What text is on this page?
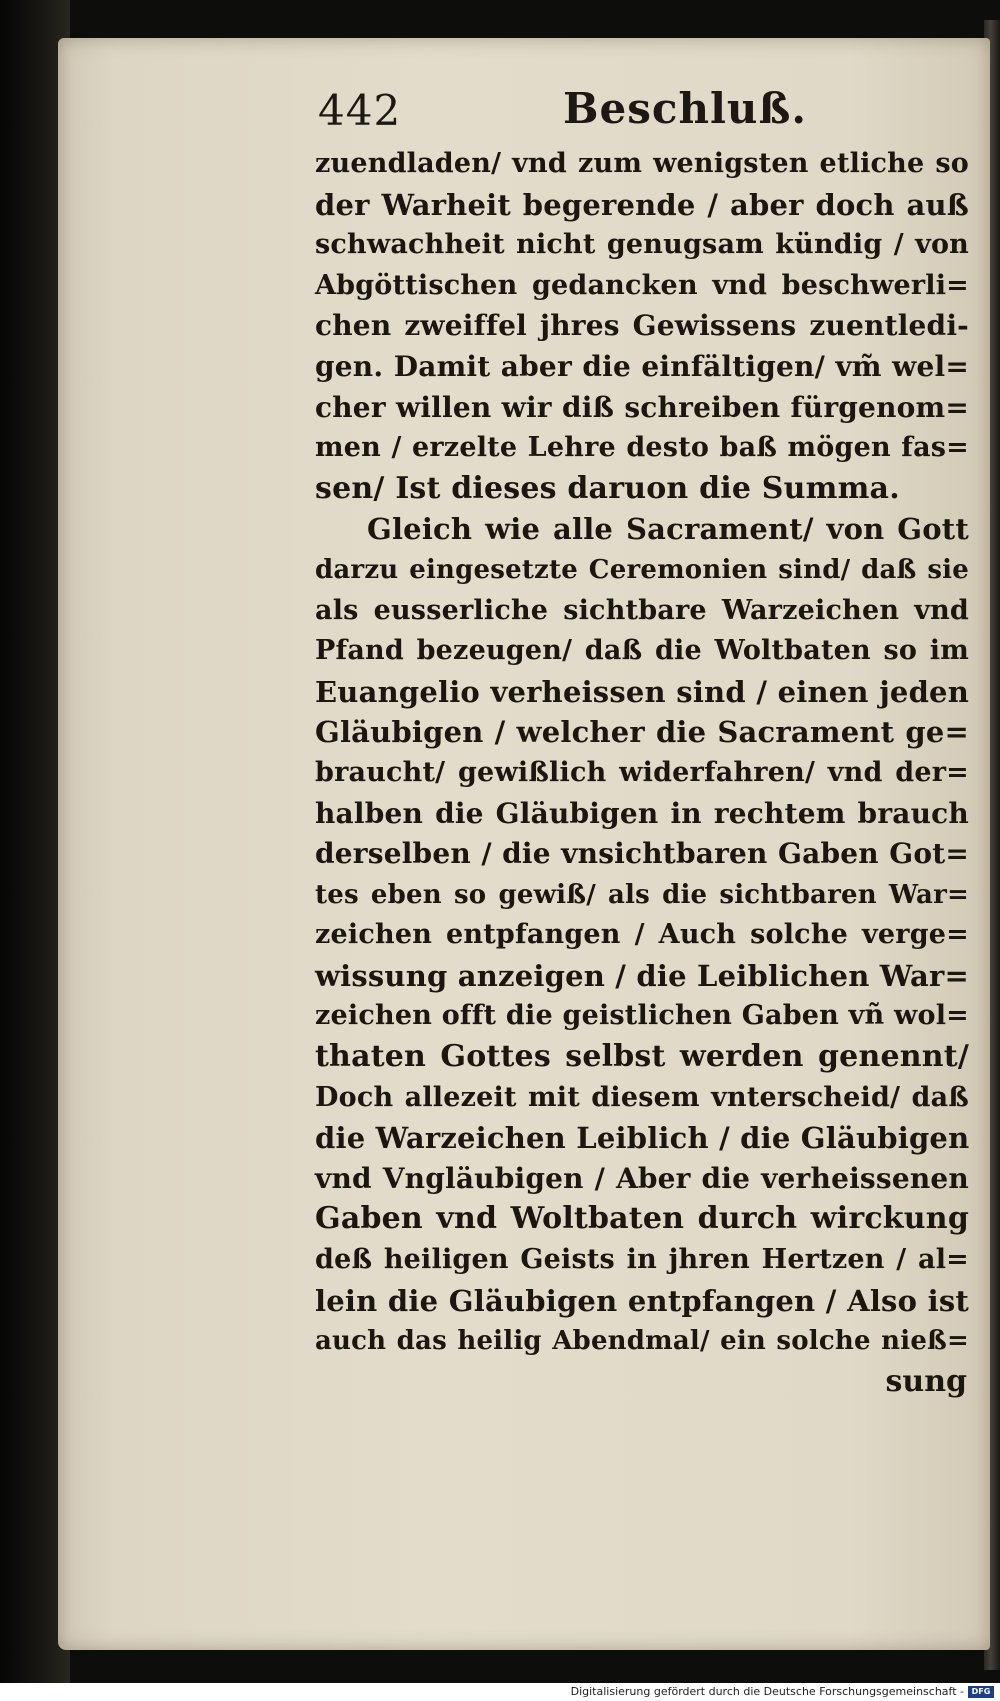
442	Beschluß.
zuendladen/ vnd zum wenigsten etliche so
der Warheit begerende / aber doch auß
schwachheit nicht genugsam kündig / von
Abgöttischen gedancken vnd beschwerli=
chen zweiffel jhres Gewissens zuentledi-
gen. Damit aber die einfältigen/ vm̃ wel=
cher willen wir diß schreiben fürgenom=
men / erzelte Lehre desto baß mögen fas=
sen/ Ist dieses daruon die Summa.
Gleich wie alle Sacrament/ von Gott
darzu eingesetzte Ceremonien sind/ daß sie
als eusserliche sichtbare Warzeichen vnd
Pfand bezeugen/ daß die Woltbaten so im
Euangelio verheissen sind / einen jeden
Gläubigen / welcher die Sacrament ge=
braucht/ gewißlich widerfahren/ vnd der=
halben die Gläubigen in rechtem brauch
derselben / die vnsichtbaren Gaben Got=
tes eben so gewiß/ als die sichtbaren War=
zeichen entpfangen / Auch solche verge=
wissung anzeigen / die Leiblichen War=
zeichen offt die geistlichen Gaben vñ wol=
thaten Gottes selbst werden genennt/
Doch allezeit mit diesem vnterscheid/ daß
die Warzeichen Leiblich / die Gläubigen
vnd Vngläubigen / Aber die verheissenen
Gaben vnd Woltbaten durch wirckung
deß heiligen Geists in jhren Hertzen / al=
lein die Gläubigen entpfangen / Also ist
auch das heilig Abendmal/ ein solche nieß=
sung
Digitalisierung gefördert durch die Deutsche Forschungsgemeinschaft - DFG
